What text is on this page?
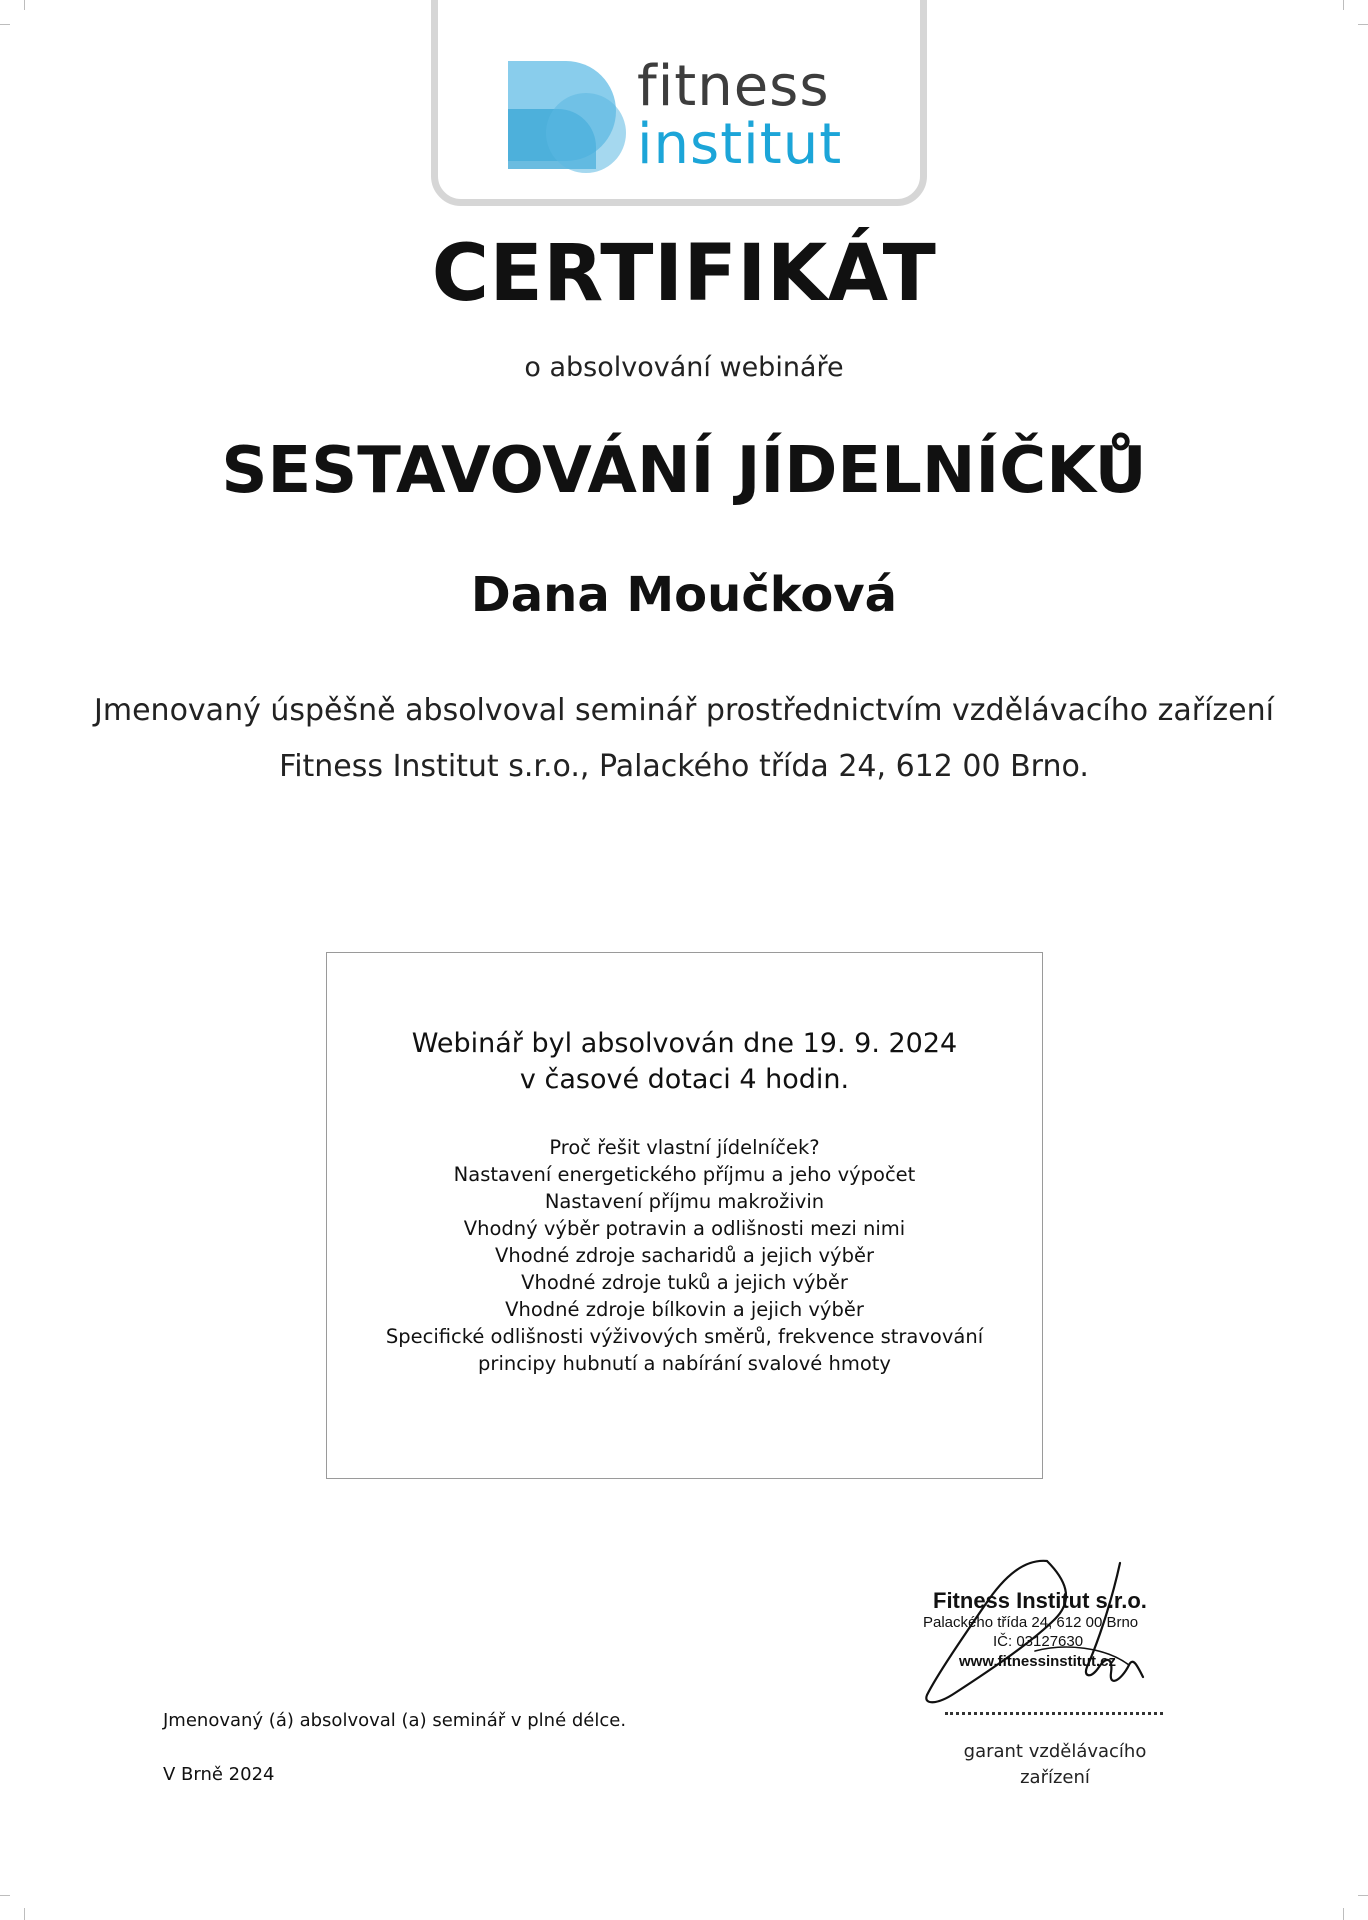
fitness
institut
CERTIFIKÁT
o absolvování webináře
SESTAVOVÁNÍ JÍDELNÍČKŮ
Dana Moučková
Jmenovaný úspěšně absolvoval seminář prostřednictvím vzdělávacího zařízení
Fitness Institut s.r.o., Palackého třída 24, 612 00 Brno.
Webinář byl absolvován dne 19. 9. 2024
v časové dotaci 4 hodin.
Proč řešit vlastní jídelníček?
Nastavení energetického příjmu a jeho výpočet
Nastavení příjmu makroživin
Vhodný výběr potravin a odlišnosti mezi nimi
Vhodné zdroje sacharidů a jejich výběr
Vhodné zdroje tuků a jejich výběr
Vhodné zdroje bílkovin a jejich výběr
Specifické odlišnosti výživových směrů, frekvence stravování
principy hubnutí a nabírání svalové hmoty
Jmenovaný (á) absolvoval (a) seminář v plné délce.
V Brně 2024
Fitness Institut s.r.o.
Palackého třída 24, 612 00 Brno
IČ: 03127630
www.fitnessinstitut.cz
garant vzdělávacího
zařízení
